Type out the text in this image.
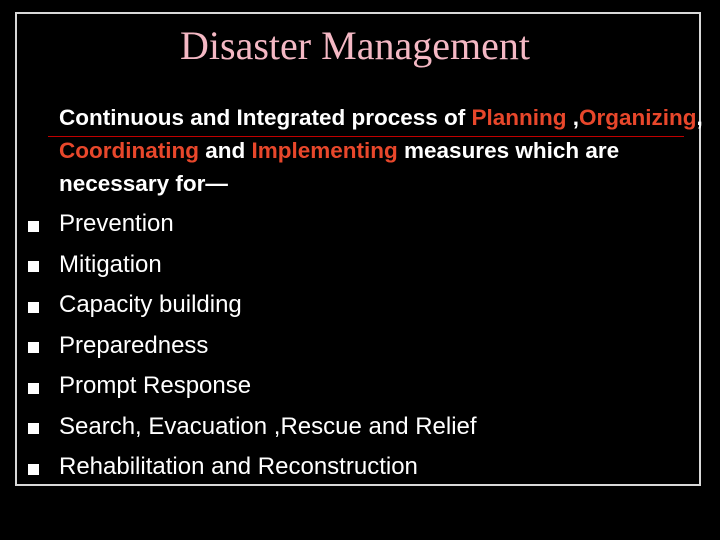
Disaster Management
Continuous and Integrated process of Planning ,Organizing, Coordinating and Implementing measures which are necessary for—
Prevention
Mitigation
Capacity building
Preparedness
Prompt Response
Search, Evacuation ,Rescue and Relief
Rehabilitation and Reconstruction
